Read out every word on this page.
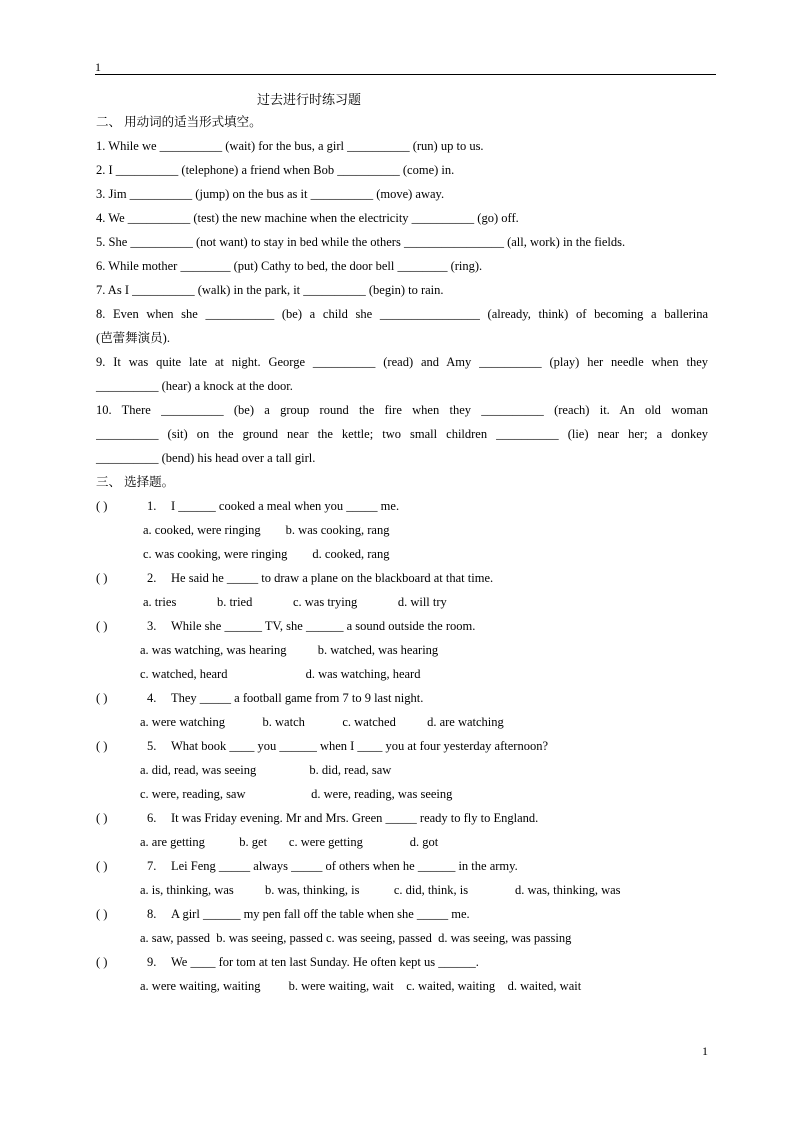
1
过去进行时练习题
二、 用动词的适当形式填空。
1. While we __________ (wait) for the bus, a girl __________ (run) up to us.
2. I __________ (telephone) a friend when Bob __________ (come) in.
3. Jim __________ (jump) on the bus as it __________ (move) away.
4. We __________ (test) the new machine when the electricity __________ (go) off.
5. She __________ (not want) to stay in bed while the others ________________ (all, work) in the fields.
6. While mother ________ (put) Cathy to bed, the door bell ________ (ring).
7. As I __________ (walk) in the park, it __________ (begin) to rain.
8. Even when she ___________ (be) a child she ________________ (already, think) of becoming a ballerina
(芭蕾舞演员).
9. It was quite late at night. George __________ (read) and Amy __________ (play) her needle when they
__________ (hear) a knock at the door.
10. There __________ (be) a group round the fire when they __________ (reach) it. An old woman
__________ (sit) on the ground near the kettle; two small children __________ (lie) near her; a donkey
__________ (bend) his head over a tall girl.
三、 选择题。
( )	1.	I ______ cooked a meal when you _____ me.
a. cooked, were ringing        b. was cooking, rang
c. was cooking, were ringing        d. cooked, rang
( )	2.	He said he _____ to draw a plane on the blackboard at that time.
a. tries             b. tried             c. was trying             d. will try
( )	3.	While she ______ TV, she ______ a sound outside the room.
a. was watching, was hearing          b. watched, was hearing
c. watched, heard                         d. was watching, heard
( )	4.	They _____ a football game from 7 to 9 last night.
a. were watching            b. watch            c. watched          d. are watching
( )	5.	What book ____ you ______ when I ____ you at four yesterday afternoon?
a. did, read, was seeing                 b. did, read, saw
c. were, reading, saw                     d. were, reading, was seeing
( )	6.	It was Friday evening. Mr and Mrs. Green _____ ready to fly to England.
a. are getting           b. get       c. were getting               d. got
( )	7.	Lei Feng _____ always _____ of others when he ______ in the army.
a. is, thinking, was          b. was, thinking, is           c. did, think, is               d. was, thinking, was
( )	8.	A girl ______ my pen fall off the table when she _____ me.
a. saw, passed  b. was seeing, passed c. was seeing, passed  d. was seeing, was passing
( )	9.	We ____ for tom at ten last Sunday. He often kept us ______.
a. were waiting, waiting         b. were waiting, wait    c. waited, waiting    d. waited, wait
1
